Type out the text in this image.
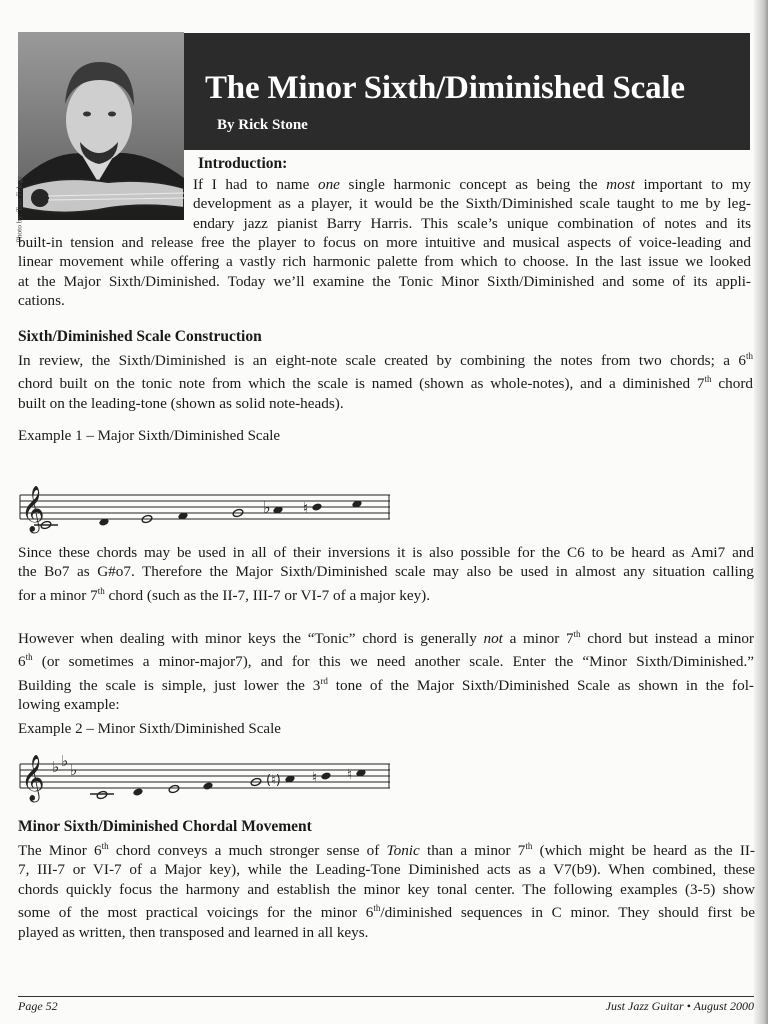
Photo by: Tom Felegy
The Minor Sixth/Diminished Scale

By Rick Stone

Introduction:

If I had to name one single harmonic concept as being the most important to my
development as a player, it would be the Sixth/Diminished scale taught to me by leg-
endary jazz pianist Barry Harris. This scale’s unique combination of notes and its
built-in tension and release free the player to focus on more intuitive and musical aspects of voice-leading and
linear movement while offering a vastly rich harmonic palette from which to choose. In the last issue we looked
at the Major Sixth/Diminished. Today we’ll examine the Tonic Minor Sixth/Diminished and some of its appli-
cations.

Sixth/Diminished Scale Construction

In review, the Sixth/Diminished is an eight-note scale created by combining the notes from two chords; a 6th
chord built on the tonic note from which the scale is named (shown as whole-notes), and a diminished 7th chord
built on the leading-tone (shown as solid note-heads).

Example 1 – Major Sixth/Diminished Scale

𝄞	♭ ♮
Since these chords may be used in all of their inversions it is also possible for the C6 to be heard as Ami7 and
the Bo7 as G#o7. Therefore the Major Sixth/Diminished scale may also be used in almost any situation calling
for a minor 7th chord (such as the II-7, III-7 or VI-7 of a major key).
However when dealing with minor keys the “Tonic” chord is generally not a minor 7th chord but instead a minor
6th (or sometimes a minor-major7), and for this we need another scale. Enter the “Minor Sixth/Diminished.”
Building the scale is simple, just lower the 3rd tone of the Major Sixth/Diminished Scale as shown in the fol-
lowing example:

Example 2 – Minor Sixth/Diminished Scale

𝄞 ♭ ♭ ♭
(♮) ♮ ♮

Minor Sixth/Diminished Chordal Movement

The Minor 6th chord conveys a much stronger sense of Tonic than a minor 7th (which might be heard as the II-
7, III-7 or VI-7 of a Major key), while the Leading-Tone Diminished acts as a V7(b9). When combined, these
chords quickly focus the harmony and establish the minor key tonal center. The following examples (3-5) show
some of the most practical voicings for the minor 6th/diminished sequences in C minor. They should first be
played as written, then transposed and learned in all keys.

Page 52	Just Jazz Guitar • August 2000
